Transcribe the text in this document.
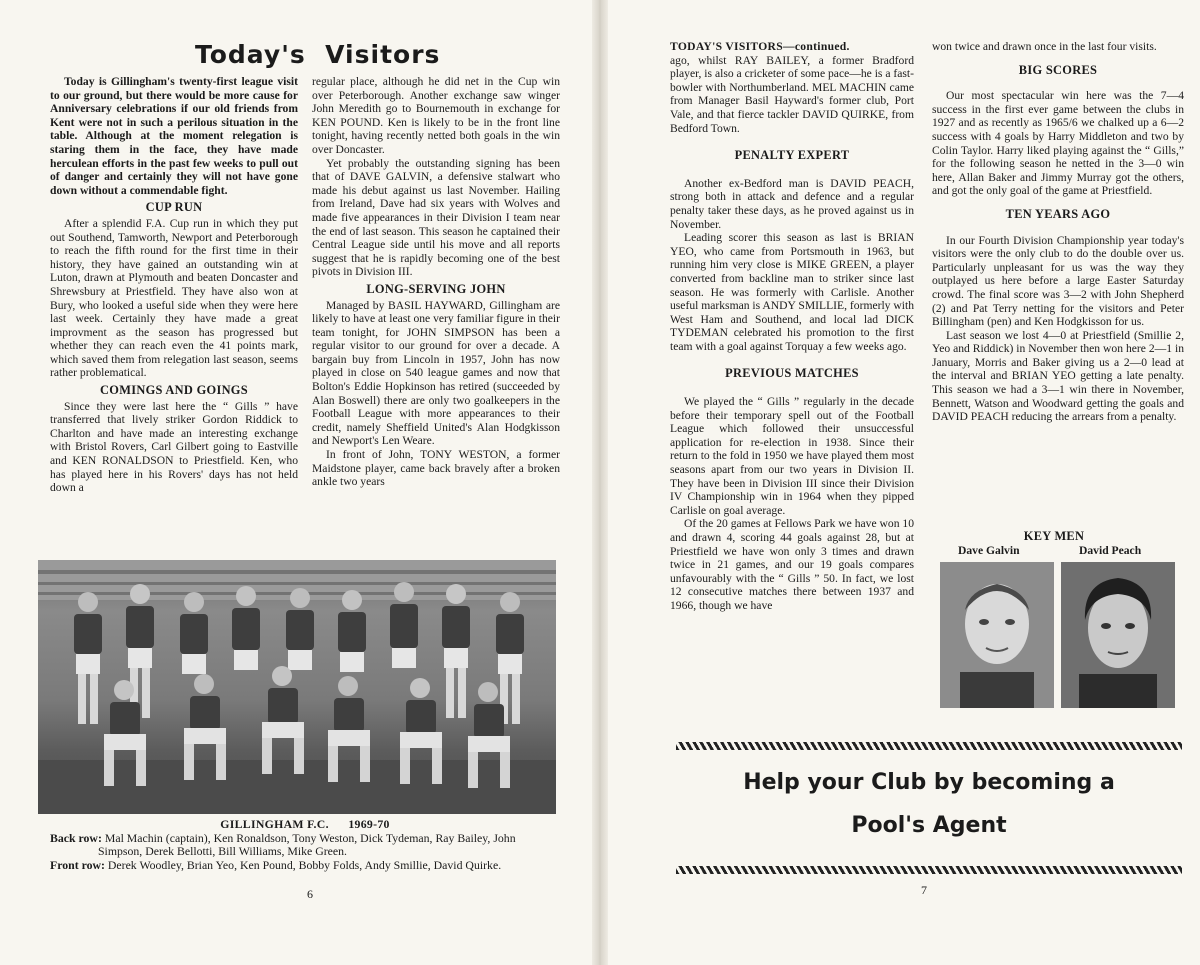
Today's  Visitors

Today is Gillingham's twenty-first league visit to our ground, but there would be more cause for Anniversary celebrations if our old friends from Kent were not in such a perilous situation in the table. Although at the moment relegation is staring them in the face, they have made herculean efforts in the past few weeks to pull out of danger and certainly they will not have gone down without a commendable fight.

CUP RUN

After a splendid F.A. Cup run in which they put out Southend, Tamworth, Newport and Peterborough to reach the fifth round for the first time in their history, they have gained an outstanding win at Luton, drawn at Plymouth and beaten Doncaster and Shrewsbury at Priestfield. They have also won at Bury, who looked a useful side when they were here last week. Certainly they have made a great improvment as the season has progressed but whether they can reach even the 41 points mark, which saved them from relegation last season, seems rather problematical.

COMINGS AND GOINGS

Since they were last here the “ Gills ” have transferred that lively striker Gordon Riddick to Charlton and have made an interesting exchange with Bristol Rovers, Carl Gilbert going to Eastville and KEN RONALDSON to Priestfield. Ken, who has played here in his Rovers' days has not held down a

regular place, although he did net in the Cup win over Peterborough. Another exchange saw winger John Meredith go to Bournemouth in exchange for KEN POUND. Ken is likely to be in the front line tonight, having recently netted both goals in the win over Doncaster.

Yet probably the outstanding signing has been that of DAVE GALVIN, a defensive stalwart who made his debut against us last November. Hailing from Ireland, Dave had six years with Wolves and made five appearances in their Division I team near the end of last season. This season he captained their Central League side until his move and all reports suggest that he is rapidly becoming one of the best pivots in Division III.

LONG-SERVING JOHN

Managed by BASIL HAYWARD, Gillingham are likely to have at least one very familiar figure in their team tonight, for JOHN SIMPSON has been a regular visitor to our ground for over a decade. A bargain buy from Lincoln in 1957, John has now played in close on 540 league games and now that Bolton's Eddie Hopkinson has retired (succeeded by Alan Boswell) there are only two goalkeepers in the Football League with more appearances to their credit, namely Sheffield United's Alan Hodgkisson and Newport's Len Weare.

In front of John, TONY WESTON, a former Maidstone player, came back bravely after a broken ankle two years

GILLINGHAM F.C.      1969-70
Back row: Mal Machin (captain), Ken Ronaldson, Tony Weston, Dick Tydeman, Ray Bailey, John Simpson, Derek Bellotti, Bill Williams, Mike Green.
Front row: Derek Woodley, Brian Yeo, Ken Pound, Bobby Folds, Andy Smillie, David Quirke.
6
TODAY'S VISITORS—continued.

ago, whilst RAY BAILEY, a former Bradford player, is also a cricketer of some pace—he is a fast-bowler with Northumberland. MEL MACHIN came from Manager Basil Hayward's former club, Port Vale, and that fierce tackler DAVID QUIRKE, from Bedford Town.

PENALTY EXPERT

Another ex-Bedford man is DAVID PEACH, strong both in attack and defence and a regular penalty taker these days, as he proved against us in November.

Leading scorer this season as last is BRIAN YEO, who came from Portsmouth in 1963, but running him very close is MIKE GREEN, a player converted from backline man to striker since last season. He was formerly with Carlisle. Another useful marksman is ANDY SMILLIE, formerly with West Ham and Southend, and local lad DICK TYDEMAN celebrated his promotion to the first team with a goal against Torquay a few weeks ago.

PREVIOUS MATCHES

We played the “ Gills ” regularly in the decade before their temporary spell out of the Football League which followed their unsuccessful application for re-election in 1938. Since their return to the fold in 1950 we have played them most seasons apart from our two years in Division II. They have been in Division III since their Division IV Championship win in 1964 when they pipped Carlisle on goal average.

Of the 20 games at Fellows Park we have won 10 and drawn 4, scoring 44 goals against 28, but at Priestfield we have won only 3 times and drawn twice in 21 games, and our 19 goals compares unfavourably with the “ Gills ” 50. In fact, we lost 12 consecutive matches there between 1937 and 1966, though we have

won twice and drawn once in the last four visits.

BIG SCORES

Our most spectacular win here was the 7—4 success in the first ever game between the clubs in 1927 and as recently as 1965/6 we chalked up a 6—2 success with 4 goals by Harry Middleton and two by Colin Taylor. Harry liked playing against the “ Gills,” for the following season he netted in the 3—0 win here, Allan Baker and Jimmy Murray got the others, and got the only goal of the game at Priestfield.

TEN YEARS AGO

In our Fourth Division Championship year today's visitors were the only club to do the double over us. Particularly unpleasant for us was the way they outplayed us here before a large Easter Saturday crowd. The final score was 3—2 with John Shepherd (2) and Pat Terry netting for the visitors and Peter Billingham (pen) and Ken Hodgkisson for us.

Last season we lost 4—0 at Priestfield (Smillie 2, Yeo and Riddick) in November then won here 2—1 in January, Morris and Baker giving us a 2—0 lead at the interval and BRIAN YEO getting a late penalty. This season we had a 3—1 win there in November, Bennett, Watson and Woodward getting the goals and DAVID PEACH reducing the arrears from a penalty.

KEY MEN
Dave Galvin	David Peach
Help your Club by becoming a
Pool's Agent
7
